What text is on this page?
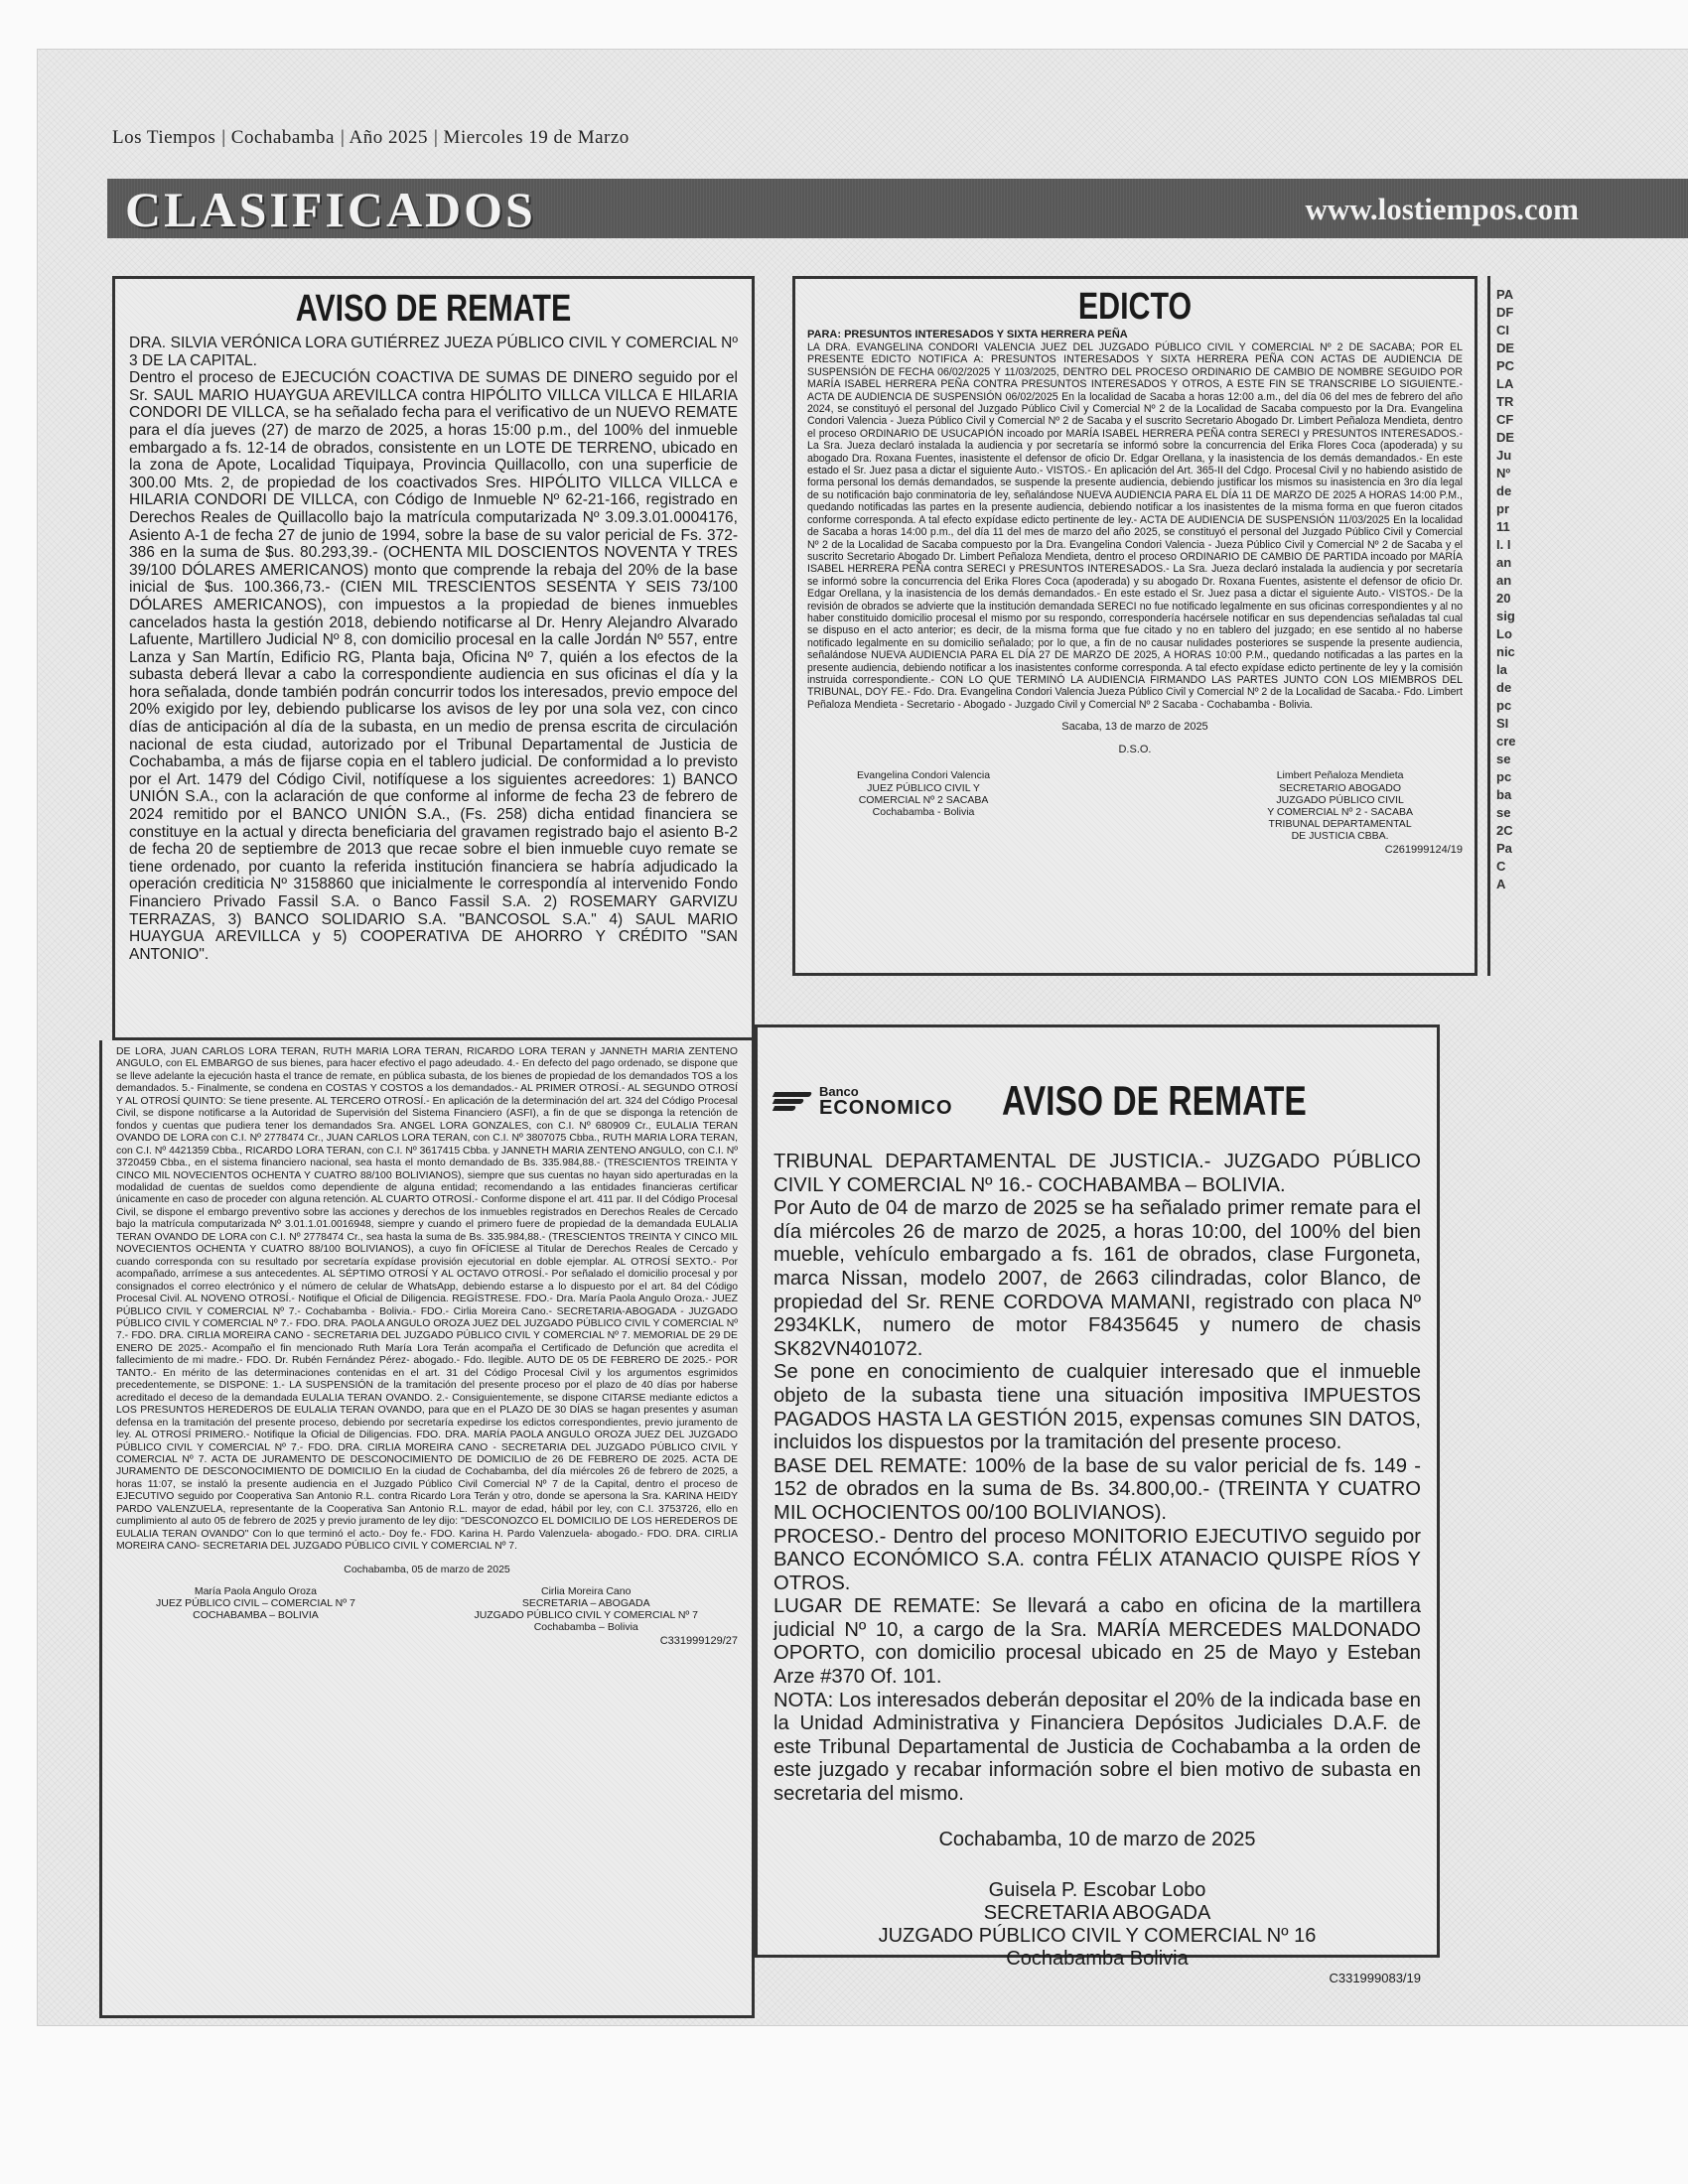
Los Tiempos | Cochabamba | Año 2025 | Miercoles 19 de Marzo
CLASIFICADOS	www.lostiempos.com
AVISO DE REMATE
DRA. SILVIA VERÓNICA LORA GUTIÉRREZ JUEZA PÚBLICO CIVIL Y COMERCIAL Nº 3 DE LA CAPITAL.
Dentro el proceso de EJECUCIÓN COACTIVA DE SUMAS DE DINERO seguido por el Sr. SAUL MARIO HUAYGUA AREVILLCA contra HIPÓLITO VILLCA VILLCA E HILARIA CONDORI DE VILLCA, se ha señalado fecha para el verificativo de un NUEVO REMATE para el día jueves (27) de marzo de 2025, a horas 15:00 p.m., del 100% del inmueble embargado a fs. 12-14 de obrados, consistente en un LOTE DE TERRENO, ubicado en la zona de Apote, Localidad Tiquipaya, Provincia Quillacollo, con una superficie de 300.00 Mts. 2, de propiedad de los coactivados Sres. HIPÓLITO VILLCA VILLCA e HILARIA CONDORI DE VILLCA, con Código de Inmueble Nº 62-21-166, registrado en Derechos Reales de Quillacollo bajo la matrícula computarizada Nº 3.09.3.01.0004176, Asiento A-1 de fecha 27 de junio de 1994, sobre la base de su valor pericial de Fs. 372-386 en la suma de $us. 80.293,39.- (OCHENTA MIL DOSCIENTOS NOVENTA Y TRES 39/100 DÓLARES AMERICANOS) monto que comprende la rebaja del 20% de la base inicial de $us. 100.366,73.- (CIEN MIL TRESCIENTOS SESENTA Y SEIS 73/100 DÓLARES AMERICANOS), con impuestos a la propiedad de bienes inmuebles cancelados hasta la gestión 2018, debiendo notificarse al Dr. Henry Alejandro Alvarado Lafuente, Martillero Judicial Nº 8, con domicilio procesal en la calle Jordán Nº 557, entre Lanza y San Martín, Edificio RG, Planta baja, Oficina Nº 7, quién a los efectos de la subasta deberá llevar a cabo la correspondiente audiencia en sus oficinas el día y la hora señalada, donde también podrán concurrir todos los interesados, previo empoce del 20% exigido por ley, debiendo publicarse los avisos de ley por una sola vez, con cinco días de anticipación al día de la subasta, en un medio de prensa escrita de circulación nacional de esta ciudad, autorizado por el Tribunal Departamental de Justicia de Cochabamba, a más de fijarse copia en el tablero judicial. De conformidad a lo previsto por el Art. 1479 del Código Civil, notifíquese a los siguientes acreedores: 1) BANCO UNIÓN S.A., con la aclaración de que conforme al informe de fecha 23 de febrero de 2024 remitido por el BANCO UNIÓN S.A., (Fs. 258) dicha entidad financiera se constituye en la actual y directa beneficiaria del gravamen registrado bajo el asiento B-2 de fecha 20 de septiembre de 2013 que recae sobre el bien inmueble cuyo remate se tiene ordenado, por cuanto la referida institución financiera se habría adjudicado la operación crediticia Nº 3158860 que inicialmente le correspondía al intervenido Fondo Financiero Privado Fassil S.A. o Banco Fassil S.A. 2) ROSEMARY GARVIZU TERRAZAS, 3) BANCO SOLIDARIO S.A. "BANCOSOL S.A." 4) SAUL MARIO HUAYGUA AREVILLCA y 5) COOPERATIVA DE AHORRO Y CRÉDITO "SAN ANTONIO".
EDICTO
PARA: PRESUNTOS INTERESADOS Y SIXTA HERRERA PEÑA
LA DRA. EVANGELINA CONDORI VALENCIA JUEZ DEL JUZGADO PÚBLICO CIVIL Y COMERCIAL Nº 2 DE SACABA; POR EL PRESENTE EDICTO NOTIFICA A: PRESUNTOS INTERESADOS Y SIXTA HERRERA PEÑA CON ACTAS DE AUDIENCIA DE SUSPENSIÓN DE FECHA 06/02/2025 Y 11/03/2025, DENTRO DEL PROCESO ORDINARIO DE CAMBIO DE NOMBRE SEGUIDO POR MARÍA ISABEL HERRERA PEÑA CONTRA PRESUNTOS INTERESADOS Y OTROS, A ESTE FIN SE TRANSCRIBE LO SIGUIENTE.- ACTA DE AUDIENCIA DE SUSPENSIÓN 06/02/2025 En la localidad de Sacaba a horas 12:00 a.m., del día 06 del mes de febrero del año 2024, se constituyó el personal del Juzgado Público Civil y Comercial Nº 2 de la Localidad de Sacaba compuesto por la Dra. Evangelina Condori Valencia - Jueza Público Civil y Comercial Nº 2 de Sacaba y el suscrito Secretario Abogado Dr. Limbert Peñaloza Mendieta, dentro el proceso ORDINARIO DE USUCAPIÓN incoado por MARÍA ISABEL HERRERA PEÑA contra SERECI y PRESUNTOS INTERESADOS.- La Sra. Jueza declaró instalada la audiencia y por secretaría se informó sobre la concurrencia del Erika Flores Coca (apoderada) y su abogado Dra. Roxana Fuentes, inasistente el defensor de oficio Dr. Edgar Orellana, y la inasistencia de los demás demandados.- En este estado el Sr. Juez pasa a dictar el siguiente Auto.- VISTOS.- En aplicación del Art. 365-II del Cdgo. Procesal Civil y no habiendo asistido de forma personal los demás demandados, se suspende la presente audiencia, debiendo justificar los mismos su inasistencia en 3ro día legal de su notificación bajo conminatoria de ley, señalándose NUEVA AUDIENCIA PARA EL DÍA 11 DE MARZO DE 2025 A HORAS 14:00 P.M., quedando notificadas las partes en la presente audiencia, debiendo notificar a los inasistentes de la misma forma en que fueron citados conforme corresponda. A tal efecto expídase edicto pertinente de ley.- ACTA DE AUDIENCIA DE SUSPENSIÓN 11/03/2025 En la localidad de Sacaba a horas 14:00 p.m., del día 11 del mes de marzo del año 2025, se constituyó el personal del Juzgado Público Civil y Comercial Nº 2 de la Localidad de Sacaba compuesto por la Dra. Evangelina Condori Valencia - Jueza Público Civil y Comercial Nº 2 de Sacaba y el suscrito Secretario Abogado Dr. Limbert Peñaloza Mendieta, dentro el proceso ORDINARIO DE CAMBIO DE PARTIDA incoado por MARÍA ISABEL HERRERA PEÑA contra SERECI y PRESUNTOS INTERESADOS.- La Sra. Jueza declaró instalada la audiencia y por secretaría se informó sobre la concurrencia del Erika Flores Coca (apoderada) y su abogado Dr. Roxana Fuentes, asistente el defensor de oficio Dr. Edgar Orellana, y la inasistencia de los demás demandados.- En este estado el Sr. Juez pasa a dictar el siguiente Auto.- VISTOS.- De la revisión de obrados se advierte que la institución demandada SERECI no fue notificado legalmente en sus oficinas correspondientes y al no haber constituido domicilio procesal el mismo por su respondo, correspondería hacérsele notificar en sus dependencias señaladas tal cual se dispuso en el acto anterior; es decir, de la misma forma que fue citado y no en tablero del juzgado; en ese sentido al no haberse notificado legalmente en su domicilio señalado; por lo que, a fin de no causar nulidades posteriores se suspende la presente audiencia, señalándose NUEVA AUDIENCIA PARA EL DÍA 27 DE MARZO DE 2025, A HORAS 10:00 P.M., quedando notificadas a las partes en la presente audiencia, debiendo notificar a los inasistentes conforme corresponda. A tal efecto expídase edicto pertinente de ley y la comisión instruida correspondiente.- CON LO QUE TERMINÓ LA AUDIENCIA FIRMANDO LAS PARTES JUNTO CON LOS MIEMBROS DEL TRIBUNAL, DOY FE.- Fdo. Dra. Evangelina Condori Valencia Jueza Público Civil y Comercial Nº 2 de la Localidad de Sacaba.- Fdo. Limbert Peñaloza Mendieta - Secretario - Abogado - Juzgado Civil y Comercial Nº 2 Sacaba - Cochabamba - Bolivia.
Sacaba, 13 de marzo de 2025
D.S.O.
Evangelina Condori Valencia
JUEZ PÚBLICO CIVIL Y
COMERCIAL Nº 2 SACABA
Cochabamba - Bolivia
Limbert Peñaloza Mendieta
SECRETARIO ABOGADO
JUZGADO PÚBLICO CIVIL
Y COMERCIAL Nº 2 - SACABA
TRIBUNAL DEPARTAMENTAL
DE JUSTICIA CBBA.
C261999124/19
PA
DF
CI
DE
PC
LA
TR
CF
DE
Ju
Nº
de
pr
11
I. I
an
an
20
sig
Lo
nic
la
de
pc
SI
cre
se
pc
ba
se
2C
Pa
C
A
DE LORA, JUAN CARLOS LORA TERAN, RUTH MARIA LORA TERAN, RICARDO LORA TERAN y JANNETH MARIA ZENTENO ANGULO, con EL EMBARGO de sus bienes, para hacer efectivo el pago adeudado. 4.- En defecto del pago ordenado, se dispone que se lleve adelante la ejecución hasta el trance de remate, en pública subasta, de los bienes de propiedad de los demandados TOS a los demandados. 5.- Finalmente, se condena en COSTAS Y COSTOS a los demandados.- AL PRIMER OTROSÍ.- AL SEGUNDO OTROSÍ Y AL OTROSÍ QUINTO: Se tiene presente. AL TERCERO OTROSÍ.- En aplicación de la determinación del art. 324 del Código Procesal Civil, se dispone notificarse a la Autoridad de Supervisión del Sistema Financiero (ASFI), a fin de que se disponga la retención de fondos y cuentas que pudiera tener los demandados Sra. ANGEL LORA GONZALES, con C.I. Nº 680909 Cr., EULALIA TERAN OVANDO DE LORA con C.I. Nº 2778474 Cr., JUAN CARLOS LORA TERAN, con C.I. Nº 3807075 Cbba., RUTH MARIA LORA TERAN, con C.I. Nº 4421359 Cbba., RICARDO LORA TERAN, con C.I. Nº 3617415 Cbba. y JANNETH MARIA ZENTENO ANGULO, con C.I. Nº 3720459 Cbba., en el sistema financiero nacional, sea hasta el monto demandado de Bs. 335.984,88.- (TRESCIENTOS TREINTA Y CINCO MIL NOVECIENTOS OCHENTA Y CUATRO 88/100 BOLIVIANOS), siempre que sus cuentas no hayan sido aperturadas en la modalidad de cuentas de sueldos como dependiente de alguna entidad; recomendando a las entidades financieras certificar únicamente en caso de proceder con alguna retención. AL CUARTO OTROSÍ.- Conforme dispone el art. 411 par. II del Código Procesal Civil, se dispone el embargo preventivo sobre las acciones y derechos de los inmuebles registrados en Derechos Reales de Cercado bajo la matrícula computarizada Nº 3.01.1.01.0016948, siempre y cuando el primero fuere de propiedad de la demandada EULALIA TERAN OVANDO DE LORA con C.I. Nº 2778474 Cr., sea hasta la suma de Bs. 335.984,88.- (TRESCIENTOS TREINTA Y CINCO MIL NOVECIENTOS OCHENTA Y CUATRO 88/100 BOLIVIANOS), a cuyo fin OFÍCIESE al Titular de Derechos Reales de Cercado y cuando corresponda con su resultado por secretaría expídase provisión ejecutorial en doble ejemplar. AL OTROSÍ SEXTO.- Por acompañado, arrímese a sus antecedentes. AL SÉPTIMO OTROSÍ Y AL OCTAVO OTROSÍ.- Por señalado el domicilio procesal y por consignados el correo electrónico y el número de celular de WhatsApp, debiendo estarse a lo dispuesto por el art. 84 del Código Procesal Civil. AL NOVENO OTROSÍ.- Notifique el Oficial de Diligencia. REGÍSTRESE. FDO.- Dra. María Paola Angulo Oroza.- JUEZ PÚBLICO CIVIL Y COMERCIAL Nº 7.- Cochabamba - Bolivia.- FDO.- Cirlia Moreira Cano.- SECRETARIA-ABOGADA - JUZGADO PÚBLICO CIVIL Y COMERCIAL Nº 7.- FDO. DRA. PAOLA ANGULO OROZA JUEZ DEL JUZGADO PÚBLICO CIVIL Y COMERCIAL Nº 7.- FDO. DRA. CIRLIA MOREIRA CANO - SECRETARIA DEL JUZGADO PÚBLICO CIVIL Y COMERCIAL Nº 7. MEMORIAL DE 29 DE ENERO DE 2025.- Acompaño el fin mencionado Ruth María Lora Terán acompaña el Certificado de Defunción que acredita el fallecimiento de mi madre.- FDO. Dr. Rubén Fernández Pérez- abogado.- Fdo. Ilegible. AUTO DE 05 DE FEBRERO DE 2025.- POR TANTO.- En mérito de las determinaciones contenidas en el art. 31 del Código Procesal Civil y los argumentos esgrimidos precedentemente, se DISPONE: 1.- LA SUSPENSIÓN de la tramitación del presente proceso por el plazo de 40 días por haberse acreditado el deceso de la demandada EULALIA TERAN OVANDO. 2.- Consiguientemente, se dispone CITARSE mediante edictos a LOS PRESUNTOS HEREDEROS DE EULALIA TERAN OVANDO, para que en el PLAZO DE 30 DÍAS se hagan presentes y asuman defensa en la tramitación del presente proceso, debiendo por secretaría expedirse los edictos correspondientes, previo juramento de ley. AL OTROSÍ PRIMERO.- Notifique la Oficial de Diligencias. FDO. DRA. MARÍA PAOLA ANGULO OROZA JUEZ DEL JUZGADO PÚBLICO CIVIL Y COMERCIAL Nº 7.- FDO. DRA. CIRLIA MOREIRA CANO - SECRETARIA DEL JUZGADO PÚBLICO CIVIL Y COMERCIAL Nº 7. ACTA DE JURAMENTO DE DESCONOCIMIENTO DE DOMICILIO de 26 DE FEBRERO DE 2025. ACTA DE JURAMENTO DE DESCONOCIMIENTO DE DOMICILIO En la ciudad de Cochabamba, del día miércoles 26 de febrero de 2025, a horas 11:07, se instaló la presente audiencia en el Juzgado Público Civil Comercial Nº 7 de la Capital, dentro el proceso de EJECUTIVO seguido por Cooperativa San Antonio R.L. contra Ricardo Lora Terán y otro, donde se apersona la Sra. KARINA HEIDY PARDO VALENZUELA, representante de la Cooperativa San Antonio R.L. mayor de edad, hábil por ley, con C.I. 3753726, ello en cumplimiento al auto 05 de febrero de 2025 y previo juramento de ley dijo: "DESCONOZCO EL DOMICILIO DE LOS HEREDEROS DE EULALIA TERAN OVANDO" Con lo que terminó el acto.- Doy fe.- FDO. Karina H. Pardo Valenzuela- abogado.- FDO. DRA. CIRLIA MOREIRA CANO- SECRETARIA DEL JUZGADO PÚBLICO CIVIL Y COMERCIAL Nº 7.
Cochabamba, 05 de marzo de 2025
María Paola Angulo Oroza
JUEZ PÚBLICO CIVIL – COMERCIAL Nº 7
COCHABAMBA – BOLIVIA
Cirlia Moreira Cano
SECRETARIA – ABOGADA
JUZGADO PÚBLICO CIVIL Y COMERCIAL Nº 7
Cochabamba – Bolivia
C331999129/27
Banco
ECONOMICO AVISO DE REMATE
TRIBUNAL DEPARTAMENTAL DE JUSTICIA.- JUZGADO PÚBLICO CIVIL Y COMERCIAL Nº 16.- COCHABAMBA – BOLIVIA.
Por Auto de 04 de marzo de 2025 se ha señalado primer remate para el día miércoles 26 de marzo de 2025, a horas 10:00, del 100% del bien mueble, vehículo embargado a fs. 161 de obrados, clase Furgoneta, marca Nissan, modelo 2007, de 2663 cilindradas, color Blanco, de propiedad del Sr. RENE CORDOVA MAMANI, registrado con placa Nº 2934KLK, numero de motor F8435645 y numero de chasis SK82VN401072.
Se pone en conocimiento de cualquier interesado que el inmueble objeto de la subasta tiene una situación impositiva IMPUESTOS PAGADOS HASTA LA GESTIÓN 2015, expensas comunes SIN DATOS, incluidos los dispuestos por la tramitación del presente proceso.
BASE DEL REMATE: 100% de la base de su valor pericial de fs. 149 - 152 de obrados en la suma de Bs. 34.800,00.- (TREINTA Y CUATRO MIL OCHOCIENTOS 00/100 BOLIVIANOS).
PROCESO.- Dentro del proceso MONITORIO EJECUTIVO seguido por BANCO ECONÓMICO S.A. contra FÉLIX ATANACIO QUISPE RÍOS Y OTROS.
LUGAR DE REMATE: Se llevará a cabo en oficina de la martillera judicial Nº 10, a cargo de la Sra. MARÍA MERCEDES MALDONADO OPORTO, con domicilio procesal ubicado en 25 de Mayo y Esteban Arze #370 Of. 101.
NOTA: Los interesados deberán depositar el 20% de la indicada base en la Unidad Administrativa y Financiera Depósitos Judiciales D.A.F. de este Tribunal Departamental de Justicia de Cochabamba a la orden de este juzgado y recabar información sobre el bien motivo de subasta en secretaria del mismo.
Cochabamba, 10 de marzo de 2025
Guisela P. Escobar Lobo
SECRETARIA ABOGADA
JUZGADO PÚBLICO CIVIL Y COMERCIAL Nº 16
Cochabamba Bolivia
C331999083/19
